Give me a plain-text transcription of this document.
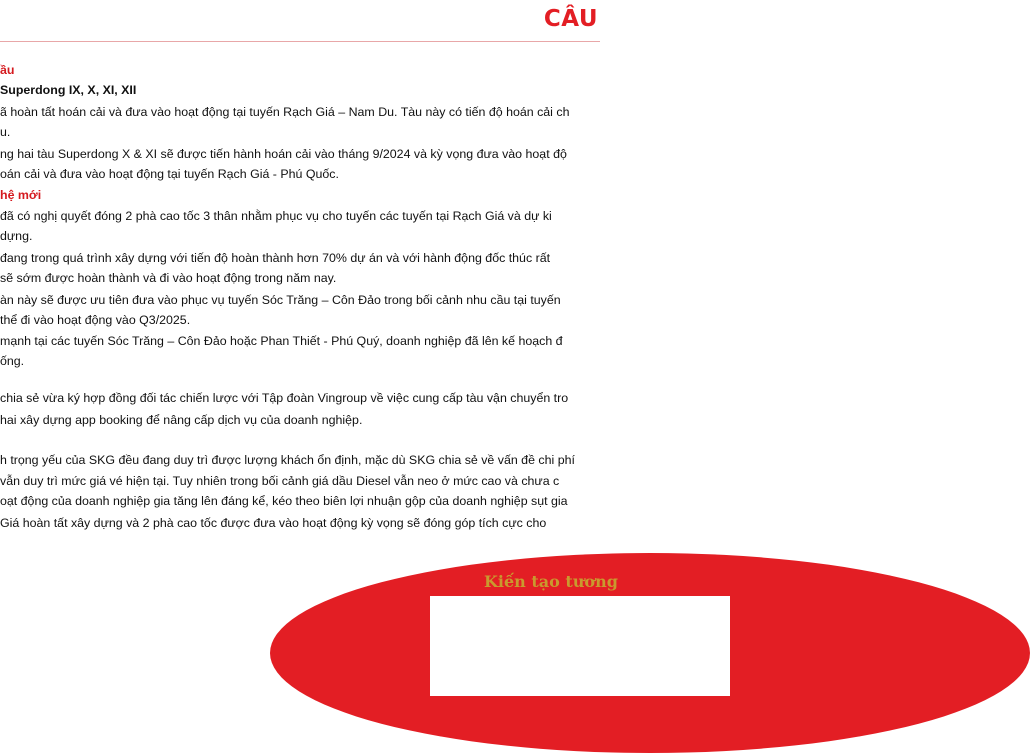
CÂU
ầu
Superdong IX, X, XI, XII
ã hoàn tất hoán cải và đưa vào hoạt động tại tuyến Rạch Giá – Nam Du. Tàu này có tiến độ hoán cải ch
u.
ng hai tàu Superdong X & XI sẽ được tiến hành hoán cải vào tháng 9/2024 và kỳ vọng đưa vào hoạt độ
oán cải và đưa vào hoạt động tại tuyến Rạch Giá - Phú Quốc.
hệ mới
đã có nghị quyết đóng 2 phà cao tốc 3 thân nhằm phục vụ cho tuyến các tuyến tại Rạch Giá và dự ki
dựng.
đang trong quá trình xây dựng với tiến độ hoàn thành hơn 70% dự án và với hành động đốc thúc rất
sẽ sớm được hoàn thành và đi vào hoạt động trong năm nay.
àn này sẽ được ưu tiên đưa vào phục vụ tuyến Sóc Trăng – Côn Đảo trong bối cảnh nhu cầu tại tuyến
thể đi vào hoạt động vào Q3/2025.
mạnh tại các tuyến Sóc Trăng – Côn Đảo hoặc Phan Thiết - Phú Quý, doanh nghiệp đã lên kế hoạch đ
ống.
chia sẻ vừa ký hợp đồng đối tác chiến lược với Tập đoàn Vingroup về việc cung cấp tàu vận chuyển tro
hai xây dựng app booking để nâng cấp dịch vụ của doanh nghiệp.
h trọng yếu của SKG đều đang duy trì được lượng khách ổn định, mặc dù SKG chia sẻ về vấn đề chi phí
vẫn duy trì mức giá vé hiện tại. Tuy nhiên trong bối cảnh giá dầu Diesel vẫn neo ở mức cao và chưa c
oạt động của doanh nghiệp gia tăng lên đáng kể, kéo theo biên lợi nhuận gộp của doanh nghiệp sụt gia
Giá hoàn tất xây dựng và 2 phà cao tốc được đưa vào hoạt động kỳ vọng sẽ đóng góp tích cực cho
Kiến tạo tương
